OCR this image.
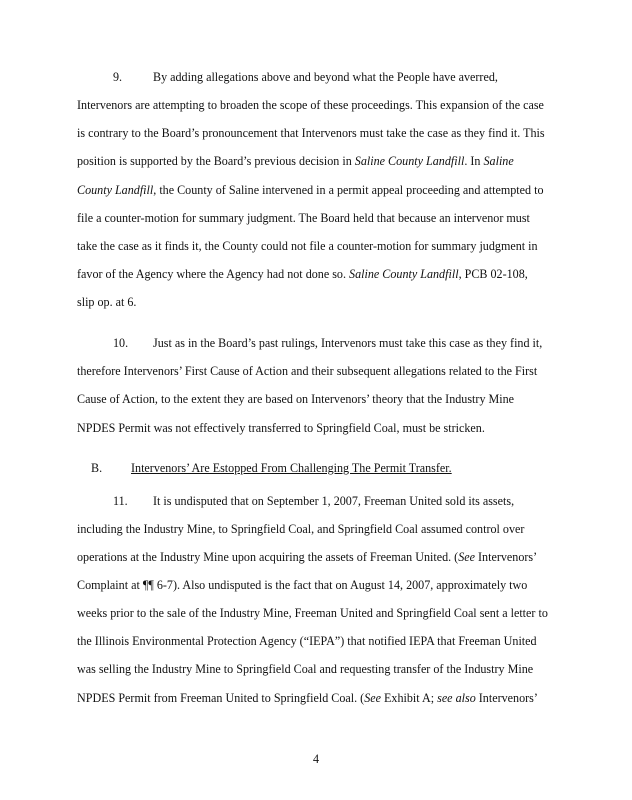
9.	By adding allegations above and beyond what the People have averred,
Intervenors are attempting to broaden the scope of these proceedings. This expansion of the case
is contrary to the Board’s pronouncement that Intervenors must take the case as they find it. This
position is supported by the Board’s previous decision in Saline County Landfill. In Saline
County Landfill, the County of Saline intervened in a permit appeal proceeding and attempted to
file a counter-motion for summary judgment. The Board held that because an intervenor must
take the case as it finds it, the County could not file a counter-motion for summary judgment in
favor of the Agency where the Agency had not done so. Saline County Landfill, PCB 02-108,
slip op. at 6.
10. Just as in the Board’s past rulings, Intervenors must take this case as they find it,
therefore Intervenors’ First Cause of Action and their subsequent allegations related to the First
Cause of Action, to the extent they are based on Intervenors’ theory that the Industry Mine
NPDES Permit was not effectively transferred to Springfield Coal, must be stricken.
B. Intervenors’ Are Estopped From Challenging The Permit Transfer.
11. It is undisputed that on September 1, 2007, Freeman United sold its assets,
including the Industry Mine, to Springfield Coal, and Springfield Coal assumed control over
operations at the Industry Mine upon acquiring the assets of Freeman United. (See Intervenors’
Complaint at ¶¶ 6-7). Also undisputed is the fact that on August 14, 2007, approximately two
weeks prior to the sale of the Industry Mine, Freeman United and Springfield Coal sent a letter to
the Illinois Environmental Protection Agency (“IEPA”) that notified IEPA that Freeman United
was selling the Industry Mine to Springfield Coal and requesting transfer of the Industry Mine
NPDES Permit from Freeman United to Springfield Coal. (See Exhibit A; see also Intervenors’
4
